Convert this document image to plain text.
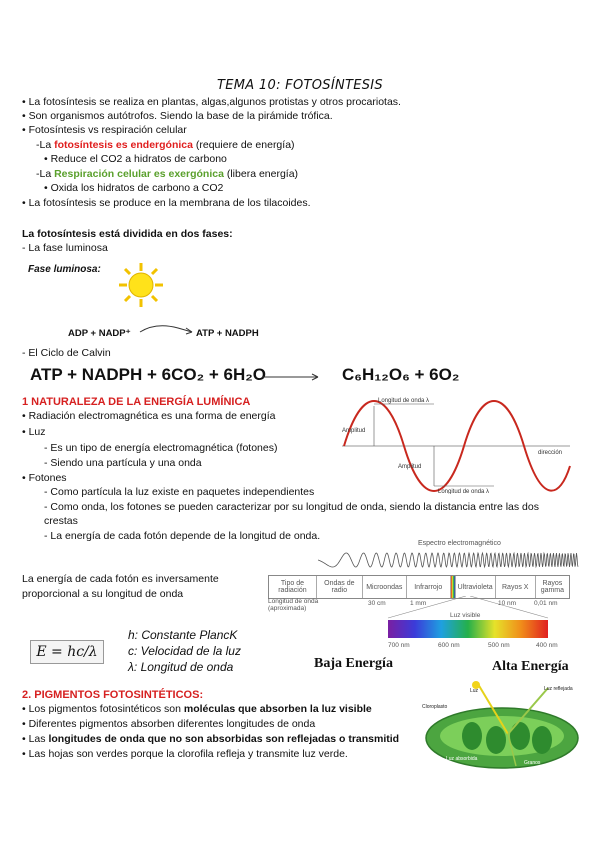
TEMA 10: FOTOSÍNTESIS
• La fotosíntesis se realiza en plantas, algas,algunos protistas y otros procariotas.
• Son organismos autótrofos. Siendo la base de la pirámide trófica.
• Fotosíntesis vs respiración celular
-La fotosíntesis es endergónica (requiere de energía)
• Reduce el CO2 a hidratos de carbono
-La Respiración celular es exergónica (libera energía)
• Oxida los hidratos de carbono a CO2
• La fotosíntesis se produce en la membrana de los tilacoides.
La fotosíntesis está dividida en dos fases:
- La fase luminosa
Fase luminosa:
ADP + NADP⁺	ATP + NADPH
- El Ciclo de Calvin
ATP + NADPH + 6CO₂ + 6H₂O	C₆H₁₂O₆ + 6O₂
1 NATURALEZA DE LA ENERGÍA LUMÍNICA
• Radiación electromagnética es una forma de energía
• Luz
- Es un tipo de energía electromagnética (fotones)
- Siendo una partícula y una onda
• Fotones
- Como partícula la luz existe en paquetes independientes
- Como onda, los fotones se pueden caracterizar por su longitud de onda, siendo la distancia entre las dos
crestas
- La energía de cada fotón depende de la longitud de onda.
Longitud de onda λ
Amplitud
Amplitud
dirección
Longitud de onda λ
Espectro electromagnético
Tipo de radiación
Ondas de radio	Microondas	Infrarrojo	Ultravioleta	Rayos X	Rayos gamma
Longitud de onda (aproximada)
30 cm	1 mm	10 nm	0,01 nm
Luz visible
700 nm	600 nm	500 nm	400 nm
La energía de cada fotón es inversamente
proporcional a su longitud de onda
E = hc/λ
h: Constante PlancK
c: Velocidad de la luz
λ: Longitud de onda	Baja Energía	Alta Energía
2. PIGMENTOS FOTOSINTÉTICOS:
• Los pigmentos fotosintéticos son moléculas que absorben la luz visible
• Diferentes pigmentos absorben diferentes longitudes de onda
• Las longitudes de onda que no son absorbidas son reflejadas o transmitid
• Las hojas son verdes porque la clorofila refleja y transmite luz verde.
Luz
Cloroplasto
Luz reflejada
Luz absorbida
Granos
